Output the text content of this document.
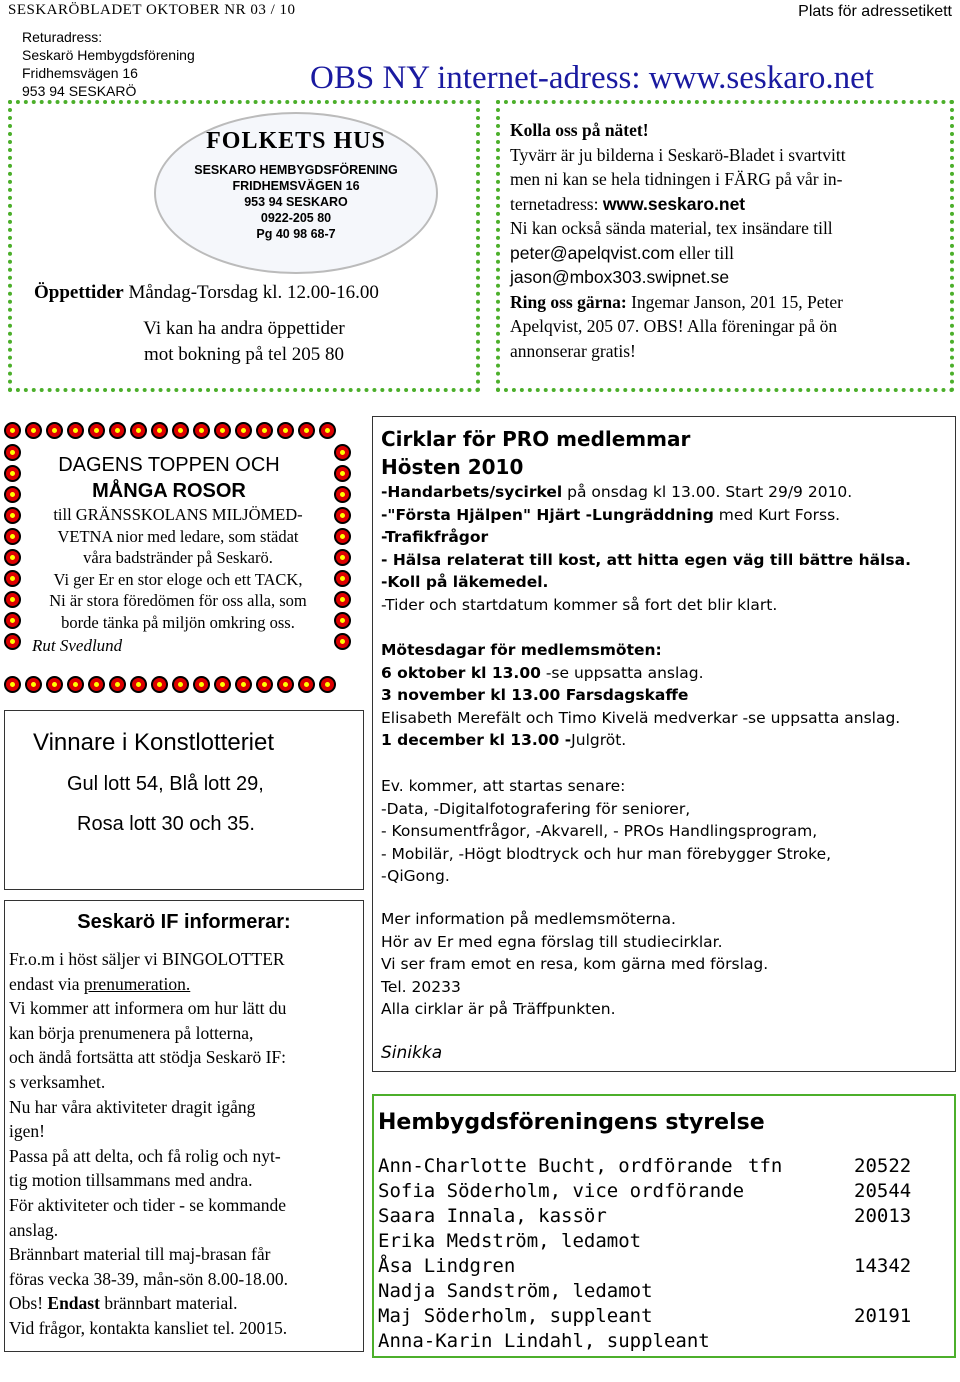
SESKARÖBLADET OKTOBER NR 03 / 10	Plats för adressetikett
Returadress:
Seskarö Hembygdsförening
Fridhemsvägen 16
953 94 SESKARÖ	OBS NY internet-adress: www.seskaro.net
FOLKETS HUS
SESKARO HEMBYGDSFÖRENING
FRIDHEMSVÄGEN 16
953 94 SESKARO
0922-205 80
Pg 40 98 68-7
Öppettider Måndag-Torsdag kl. 12.00-16.00
Vi kan ha andra öppettider
mot bokning på tel 205 80
Kolla oss på nätet!
Tyvärr är ju bilderna i Seskarö-Bladet i svartvitt
men ni kan se hela tidningen i FÄRG på vår in-
ternetadress: www.seskaro.net
Ni kan också sända material, tex insändare till
peter@apelqvist.com eller till
jason@mbox303.swipnet.se
Ring oss gärna: Ingemar Janson, 201 15, Peter
Apelqvist, 205 07. OBS! Alla föreningar på ön
annonserar gratis!
DAGENS TOPPEN OCH
MÅNGA ROSOR
till GRÄNSSKOLANS MILJÖMED-
VETNA nior med ledare, som städat
våra badstränder på Seskarö.
Vi ger Er en stor eloge och ett TACK,
Ni är stora föredömen för oss alla, som
borde tänka på miljön omkring oss.
Rut Svedlund
Vinnare i Konstlotteriet
Gul lott 54, Blå lott 29,
Rosa lott 30 och 35.
Seskarö IF informerar:
Fr.o.m i höst säljer vi BINGOLOTTER
endast via prenumeration.
Vi kommer att informera om hur lätt du
kan börja prenumenera på lotterna,
och ändå fortsätta att stödja Seskarö IF:
s verksamhet.
Nu har våra aktiviteter dragit igång
igen!
Passa på att delta, och få rolig och nyt-
tig motion tillsammans med andra.
För aktiviteter och tider - se kommande
anslag.
Brännbart material till maj-brasan får
föras vecka 38-39, mån-sön 8.00-18.00.
Obs! Endast brännbart material.
Vid frågor, kontakta kansliet tel. 20015.
Cirklar för PRO medlemmar
Hösten 2010
-Handarbets/sycirkel på onsdag kl 13.00. Start 29/9 2010.
-"Första Hjälpen" Hjärt -Lungräddning med Kurt Forss.
-Trafikfrågor
- Hälsa relaterat till kost, att hitta egen väg till bättre hälsa.
-Koll på läkemedel.
-Tider och startdatum kommer så fort det blir klart.
Mötesdagar för medlemsmöten:
6 oktober kl 13.00 -se uppsatta anslag.
3 november kl 13.00 Farsdagskaffe
Elisabeth Merefält och Timo Kivelä medverkar -se uppsatta anslag.
1 december kl 13.00 -Julgröt.
Ev. kommer, att startas senare:
-Data, -Digitalfotografering för seniorer,
- Konsumentfrågor, -Akvarell, - PROs Handlingsprogram,
- Mobilär, -Högt blodtryck och hur man förebygger Stroke,
-QiGong.
Mer information på medlemsmöterna.
Hör av Er med egna förslag till studiecirklar.
Vi ser fram emot en resa, kom gärna med förslag.
Tel. 20233
Alla cirklar är på Träffpunkten.
Sinikka
Hembygdsföreningens styrelse
Ann-Charlotte Bucht, ordförande	tfn	20522
Sofia Söderholm, vice ordförande		20544
Saara Innala, kassör		20013
Erika Medström, ledamot		
Åsa Lindgren		14342
Nadja Sandström, ledamot		
Maj Söderholm, suppleant		20191
Anna-Karin Lindahl, suppleant		
